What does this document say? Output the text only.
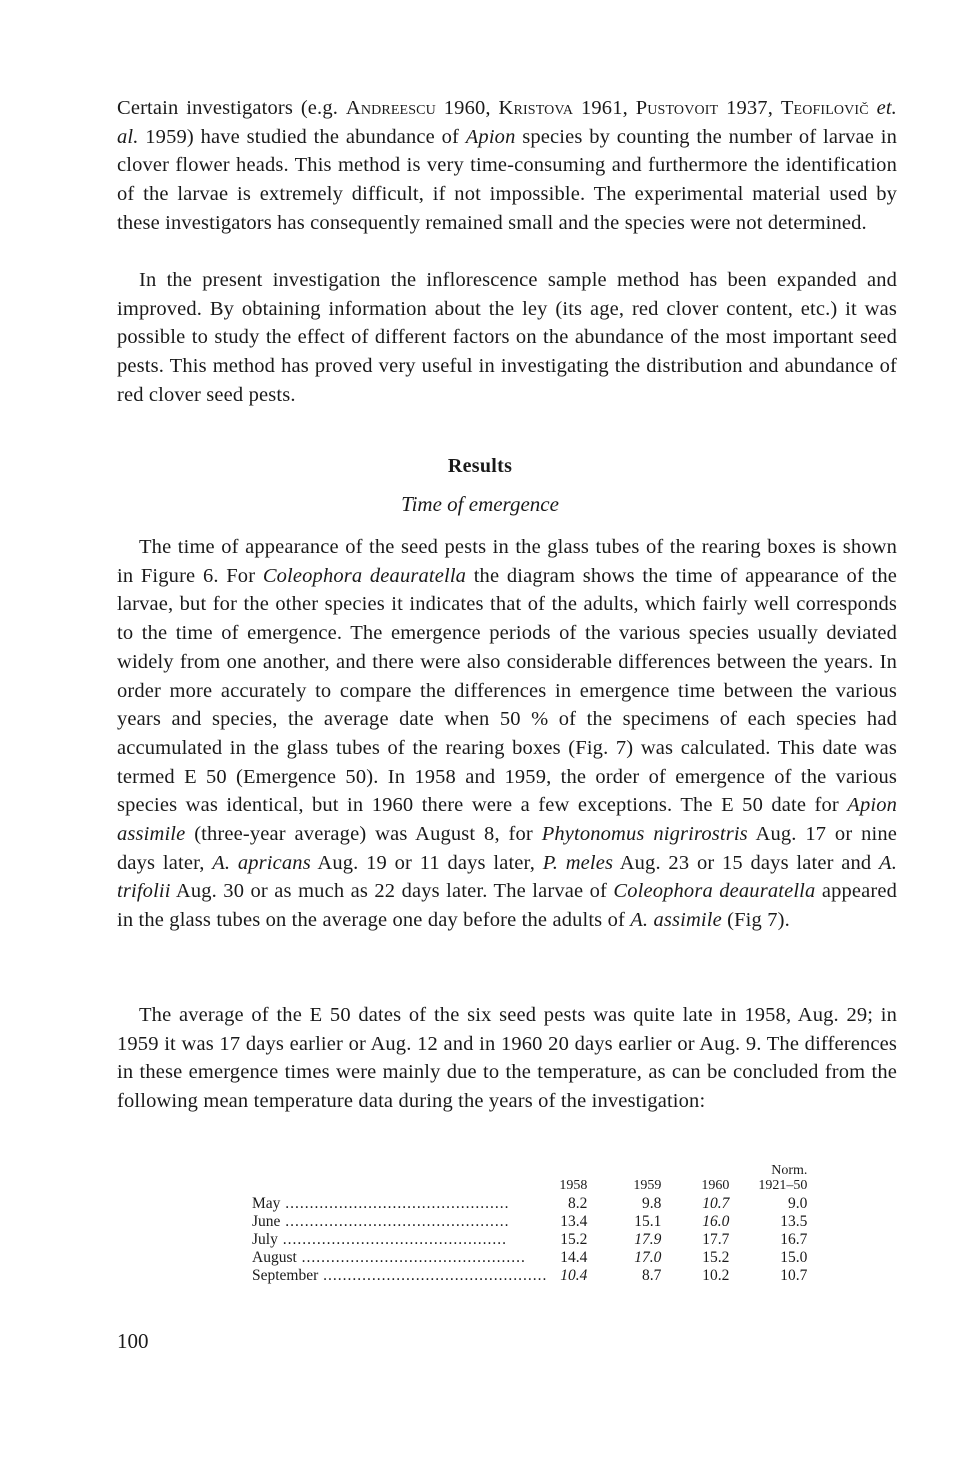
Certain investigators (e.g. Andreescu 1960, Kristova 1961, Pustovoit 1937, Teofilovič et. al. 1959) have studied the abundance of Apion species by counting the number of larvae in clover flower heads. This method is very time-consuming and furthermore the identification of the larvae is extremely difficult, if not impossible. The experimental material used by these investigators has consequently remained small and the species were not determined.

In the present investigation the inflorescence sample method has been expanded and improved. By obtaining information about the ley (its age, red clover content, etc.) it was possible to study the effect of different factors on the abundance of the most important seed pests. This method has proved very useful in investigating the distribution and abundance of red clover seed pests.

Results

Time of emergence

The time of appearance of the seed pests in the glass tubes of the rearing boxes is shown in Figure 6. For Coleophora deauratella the diagram shows the time of appearance of the larvae, but for the other species it indicates that of the adults, which fairly well corresponds to the time of emergence. The emergence periods of the various species usually deviated widely from one another, and there were also considerable differences between the years. In order more accurately to compare the differences in emergence time between the various years and species, the average date when 50 % of the specimens of each species had accumulated in the glass tubes of the rearing boxes (Fig. 7) was calculated. This date was termed E 50 (Emergence 50). In 1958 and 1959, the order of emergence of the various species was identical, but in 1960 there were a few exceptions. The E 50 date for Apion assimile (three-year average) was August 8, for Phytonomus nigrirostris Aug. 17 or nine days later, A. apricans Aug. 19 or 11 days later, P. meles Aug. 23 or 15 days later and A. trifolii Aug. 30 or as much as 22 days later. The larvae of Coleophora deauratella appeared in the glass tubes on the average one day before the adults of A. assimile (Fig 7).

The average of the E 50 dates of the six seed pests was quite late in 1958, Aug. 29; in 1959 it was 17 days earlier or Aug. 12 and in 1960 20 days earlier or Aug. 9. The differences in these emergence times were mainly due to the temperature, as can be concluded from the following mean temperature data during the years of the investigation:

	1958	1959	1960	Norm.
1921–50
May .....	8.2	9.8	10.7	9.0
June .....	13.4	15.1	16.0	13.5
July .....	15.2	17.9	17.7	16.7
August .....	14.4	17.0	15.2	15.0
September .....	10.4	8.7	10.2	10.7

100
